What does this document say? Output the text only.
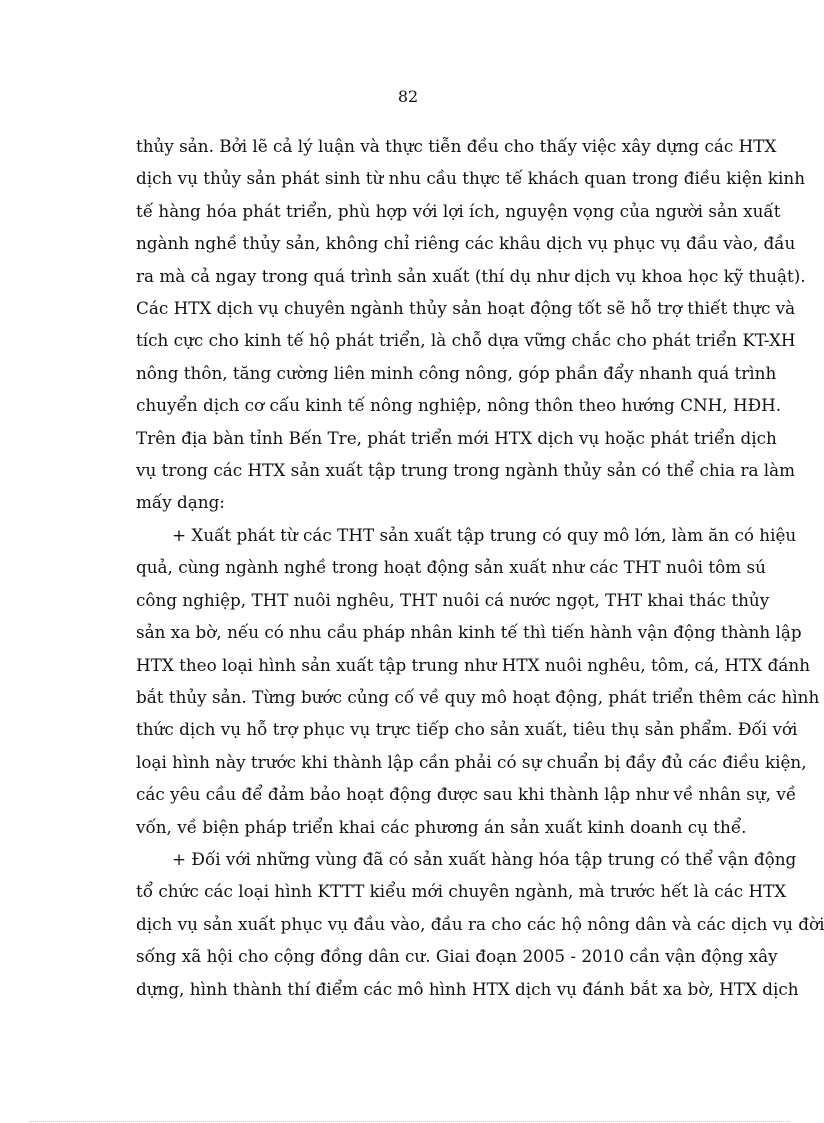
82
thủy sản. Bởi lẽ cả lý luận và thực tiễn đều cho thấy việc xây dựng các HTX
dịch vụ thủy sản phát sinh từ nhu cầu thực tế khách quan trong điều kiện kinh
tế hàng hóa phát triển, phù hợp với lợi ích, nguyện vọng của người sản xuất
ngành nghề thủy sản, không chỉ riêng các khâu dịch vụ phục vụ đầu vào, đầu
ra mà cả ngay trong quá trình sản xuất (thí dụ như dịch vụ khoa học kỹ thuật).
Các HTX dịch vụ chuyên ngành thủy sản hoạt động tốt sẽ hỗ trợ thiết thực và
tích cực cho kinh tế hộ phát triển, là chỗ dựa vững chắc cho phát triển KT-XH
nông thôn, tăng cường liên minh công nông, góp phần đẩy nhanh quá trình
chuyển dịch cơ cấu kinh tế nông nghiệp, nông thôn theo hướng CNH, HĐH.
Trên địa bàn tỉnh Bến Tre, phát triển mới HTX dịch vụ hoặc phát triển dịch
vụ trong các HTX sản xuất tập trung trong ngành thủy sản có thể chia ra làm
mấy dạng:
+ Xuất phát từ các THT sản xuất tập trung có quy mô lớn, làm ăn có hiệu
quả, cùng ngành nghề trong hoạt động sản xuất như các THT nuôi tôm sú
công nghiệp, THT nuôi nghêu, THT nuôi cá nước ngọt, THT khai thác thủy
sản xa bờ, nếu có nhu cầu pháp nhân kinh tế thì tiến hành vận động thành lập
HTX theo loại hình sản xuất tập trung như HTX nuôi nghêu, tôm, cá, HTX đánh
bắt thủy sản. Từng bước củng cố về quy mô hoạt động, phát triển thêm các hình
thức dịch vụ hỗ trợ phục vụ trực tiếp cho sản xuất, tiêu thụ sản phẩm. Đối với
loại hình này trước khi thành lập cần phải có sự chuẩn bị đầy đủ các điều kiện,
các yêu cầu để đảm bảo hoạt động được sau khi thành lập như về nhân sự, về
vốn, về biện pháp triển khai các phương án sản xuất kinh doanh cụ thể.
+ Đối với những vùng đã có sản xuất hàng hóa tập trung có thể vận động
tổ chức các loại hình KTTT kiểu mới chuyên ngành, mà trước hết là các HTX
dịch vụ sản xuất phục vụ đầu vào, đầu ra cho các hộ nông dân và các dịch vụ đời
sống xã hội cho cộng đồng dân cư. Giai đoạn 2005 - 2010 cần vận động xây
dựng, hình thành thí điểm các mô hình HTX dịch vụ đánh bắt xa bờ, HTX dịch
